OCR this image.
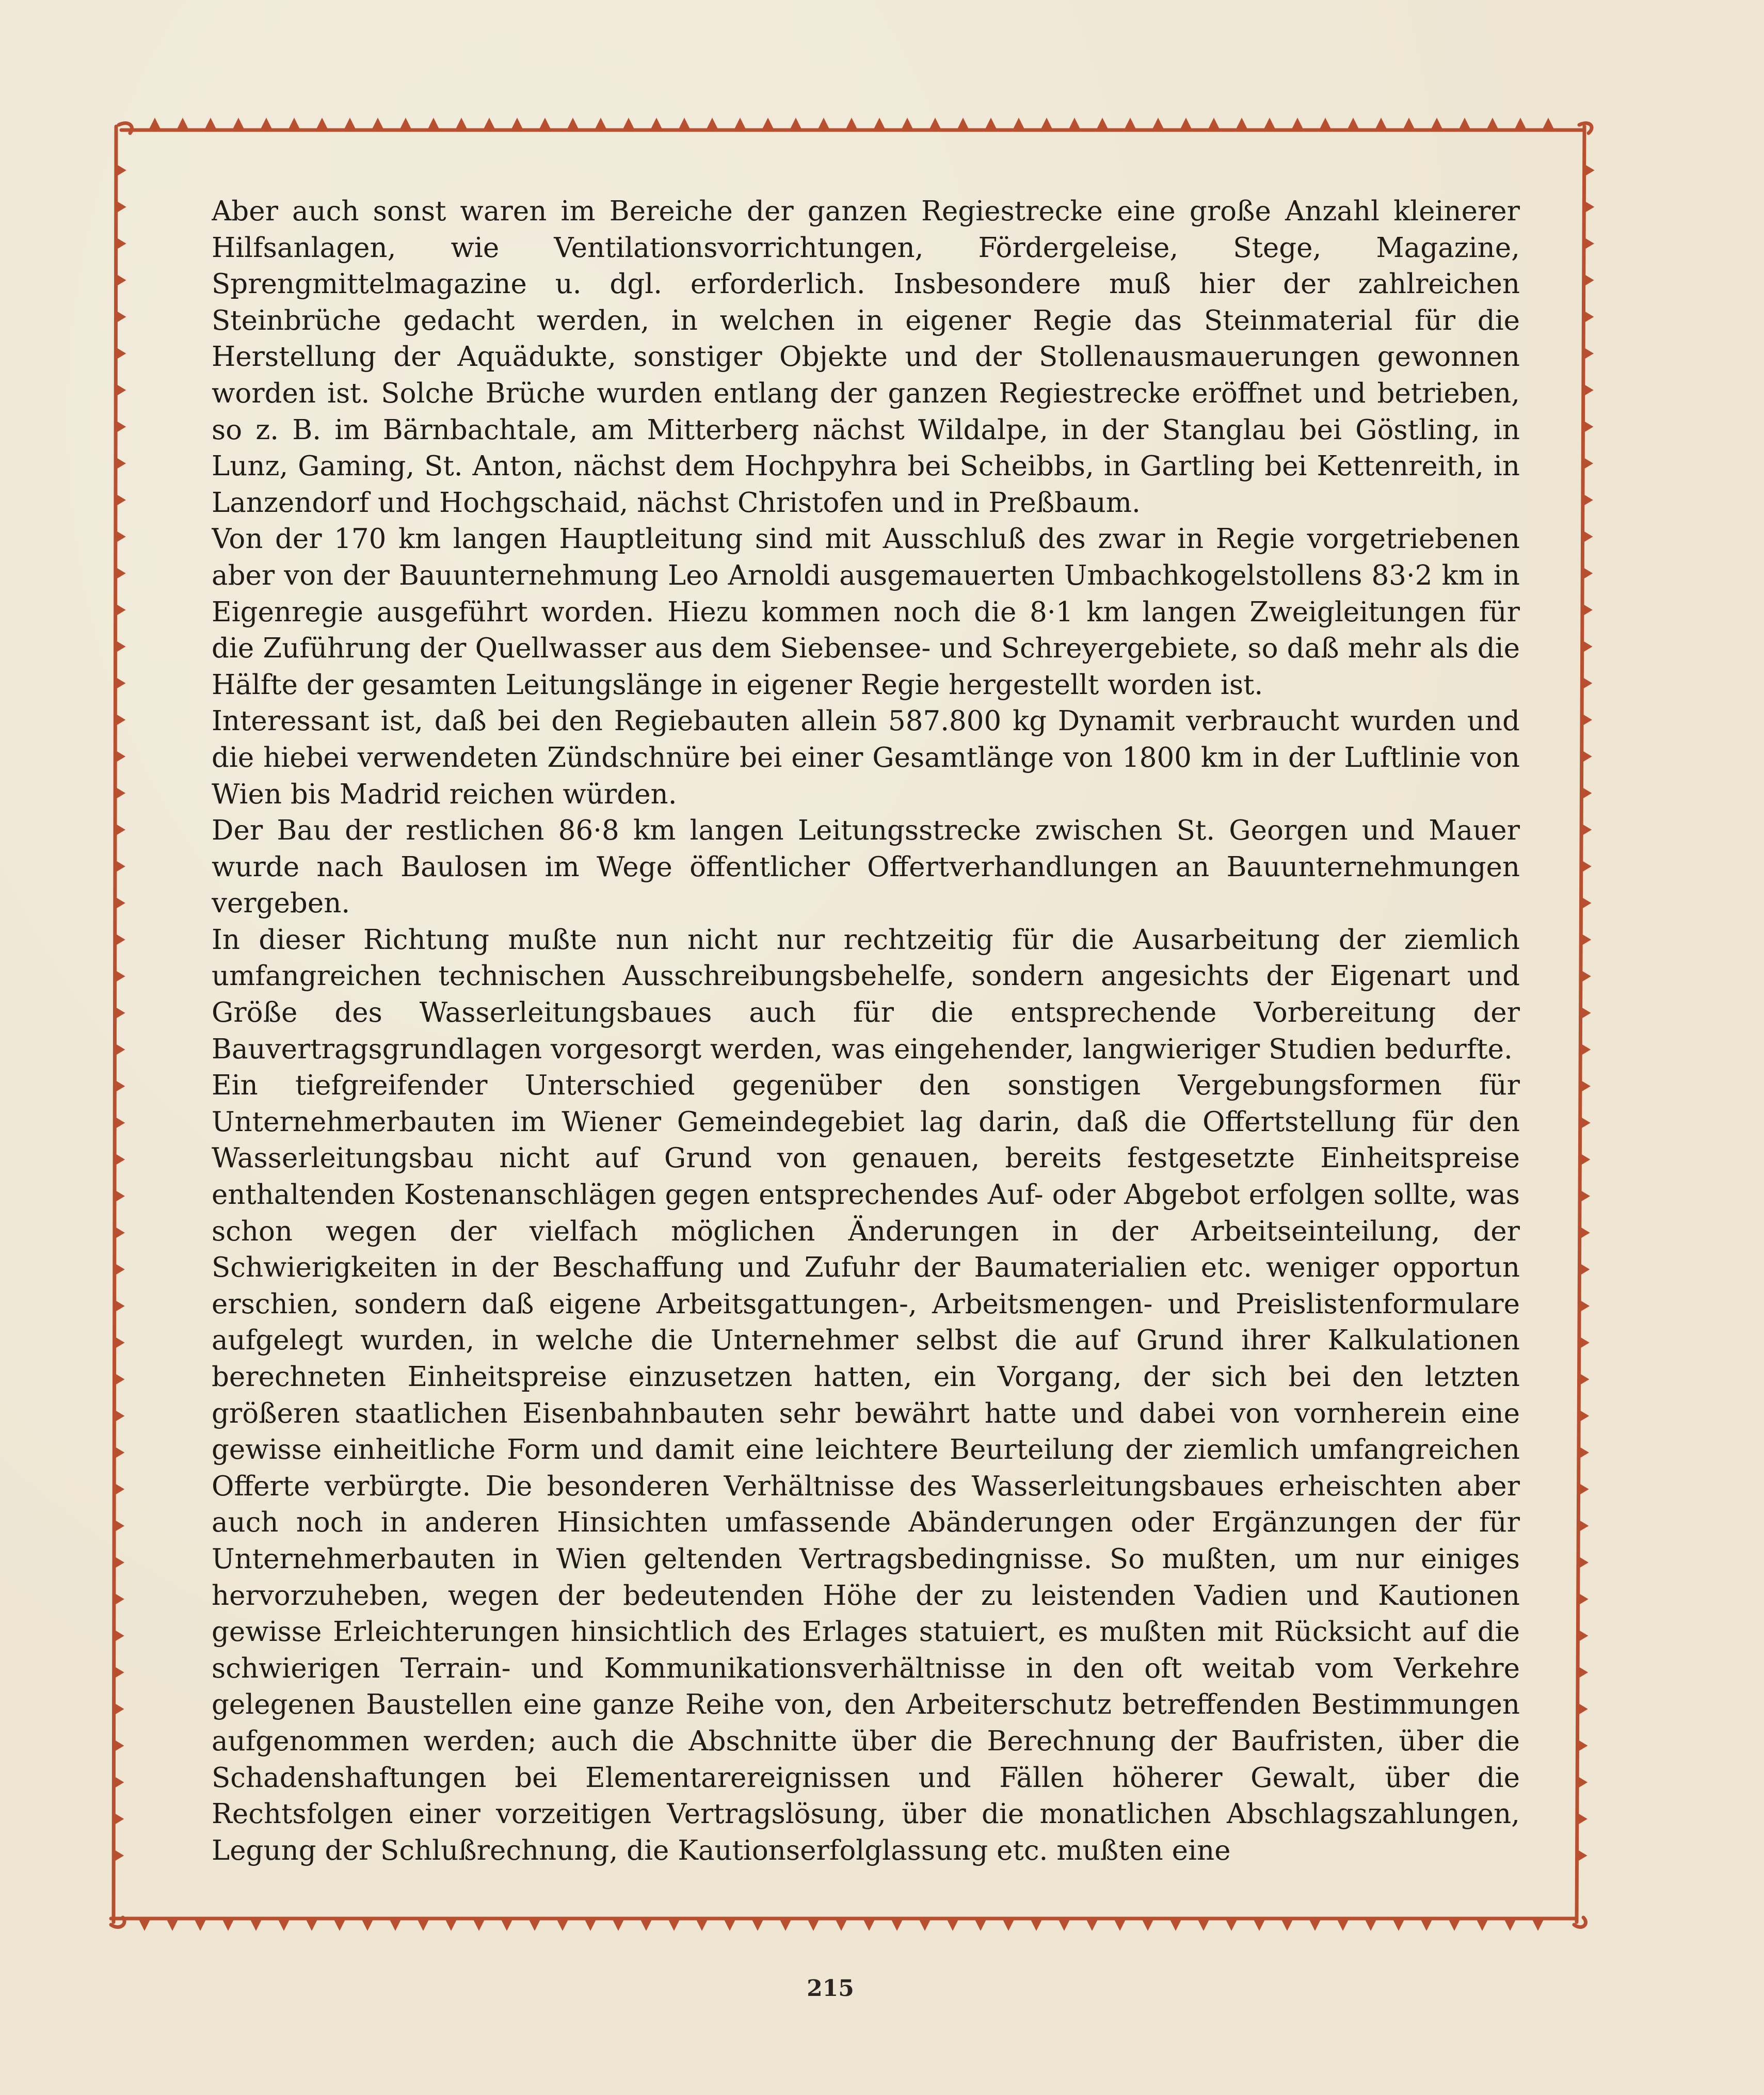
Aber auch sonst waren im Bereiche der ganzen Regiestrecke eine große Anzahl kleinerer Hilfsanlagen, wie Ventilationsvorrichtungen, Fördergeleise, Stege, Magazine, Sprengmittelmagazine u. dgl. erforderlich. Insbesondere muß hier der zahlreichen Steinbrüche gedacht werden, in welchen in eigener Regie das Steinmaterial für die Herstellung der Aquädukte, sonstiger Objekte und der Stollenausmauerungen gewonnen worden ist. Solche Brüche wurden entlang der ganzen Regiestrecke eröffnet und betrieben, so z. B. im Bärnbachtale, am Mitterberg nächst Wildalpe, in der Stanglau bei Göstling, in Lunz, Gaming, St. Anton, nächst dem Hochpyhra bei Scheibbs, in Gartling bei Kettenreith, in Lanzendorf und Hochgschaid, nächst Christofen und in Preßbaum.

Von der 170 km langen Hauptleitung sind mit Ausschluß des zwar in Regie vorgetriebenen aber von der Bauunternehmung Leo Arnoldi ausgemauerten Umbachkogelstollens 83·2 km in Eigenregie ausgeführt worden. Hiezu kommen noch die 8·1 km langen Zweigleitungen für die Zuführung der Quellwasser aus dem Siebensee- und Schreyergebiete, so daß mehr als die Hälfte der gesamten Leitungslänge in eigener Regie hergestellt worden ist.

Interessant ist, daß bei den Regiebauten allein 587.800 kg Dynamit verbraucht wurden und die hiebei verwendeten Zündschnüre bei einer Gesamtlänge von 1800 km in der Luftlinie von Wien bis Madrid reichen würden.

Der Bau der restlichen 86·8 km langen Leitungsstrecke zwischen St. Georgen und Mauer wurde nach Baulosen im Wege öffentlicher Offertverhandlungen an Bauunternehmungen vergeben.

In dieser Richtung mußte nun nicht nur rechtzeitig für die Ausarbeitung der ziemlich umfangreichen technischen Ausschreibungsbehelfe, sondern angesichts der Eigenart und Größe des Wasserleitungsbaues auch für die entsprechende Vorbereitung der Bauvertragsgrundlagen vorgesorgt werden, was eingehender, langwieriger Studien bedurfte.

Ein tiefgreifender Unterschied gegenüber den sonstigen Vergebungsformen für Unternehmerbauten im Wiener Gemeindegebiet lag darin, daß die Offertstellung für den Wasserleitungsbau nicht auf Grund von genauen, bereits festgesetzte Einheitspreise enthaltenden Kostenanschlägen gegen entsprechendes Auf- oder Abgebot erfolgen sollte, was schon wegen der vielfach möglichen Änderungen in der Arbeitseinteilung, der Schwierigkeiten in der Beschaffung und Zufuhr der Baumaterialien etc. weniger opportun erschien, sondern daß eigene Arbeitsgattungen-, Arbeitsmengen- und Preislistenformulare aufgelegt wurden, in welche die Unternehmer selbst die auf Grund ihrer Kalkulationen berechneten Einheitspreise einzusetzen hatten, ein Vorgang, der sich bei den letzten größeren staatlichen Eisenbahnbauten sehr bewährt hatte und dabei von vornherein eine gewisse einheitliche Form und damit eine leichtere Beurteilung der ziemlich umfangreichen Offerte verbürgte. Die besonderen Verhältnisse des Wasserleitungsbaues erheischten aber auch noch in anderen Hinsichten umfassende Abänderungen oder Ergänzungen der für Unternehmerbauten in Wien geltenden Vertragsbedingnisse. So mußten, um nur einiges hervorzuheben, wegen der bedeutenden Höhe der zu leistenden Vadien und Kautionen gewisse Erleichterungen hinsichtlich des Erlages statuiert, es mußten mit Rücksicht auf die schwierigen Terrain- und Kommunikationsverhältnisse in den oft weitab vom Verkehre gelegenen Baustellen eine ganze Reihe von, den Arbeiterschutz betreffenden Bestimmungen aufgenommen werden; auch die Abschnitte über die Berechnung der Baufristen, über die Schadenshaftungen bei Elementarereignissen und Fällen höherer Gewalt, über die Rechtsfolgen einer vorzeitigen Vertragslösung, über die monatlichen Abschlagszahlungen, Legung der Schlußrechnung, die Kautionserfolglassung etc. mußten eine

215
